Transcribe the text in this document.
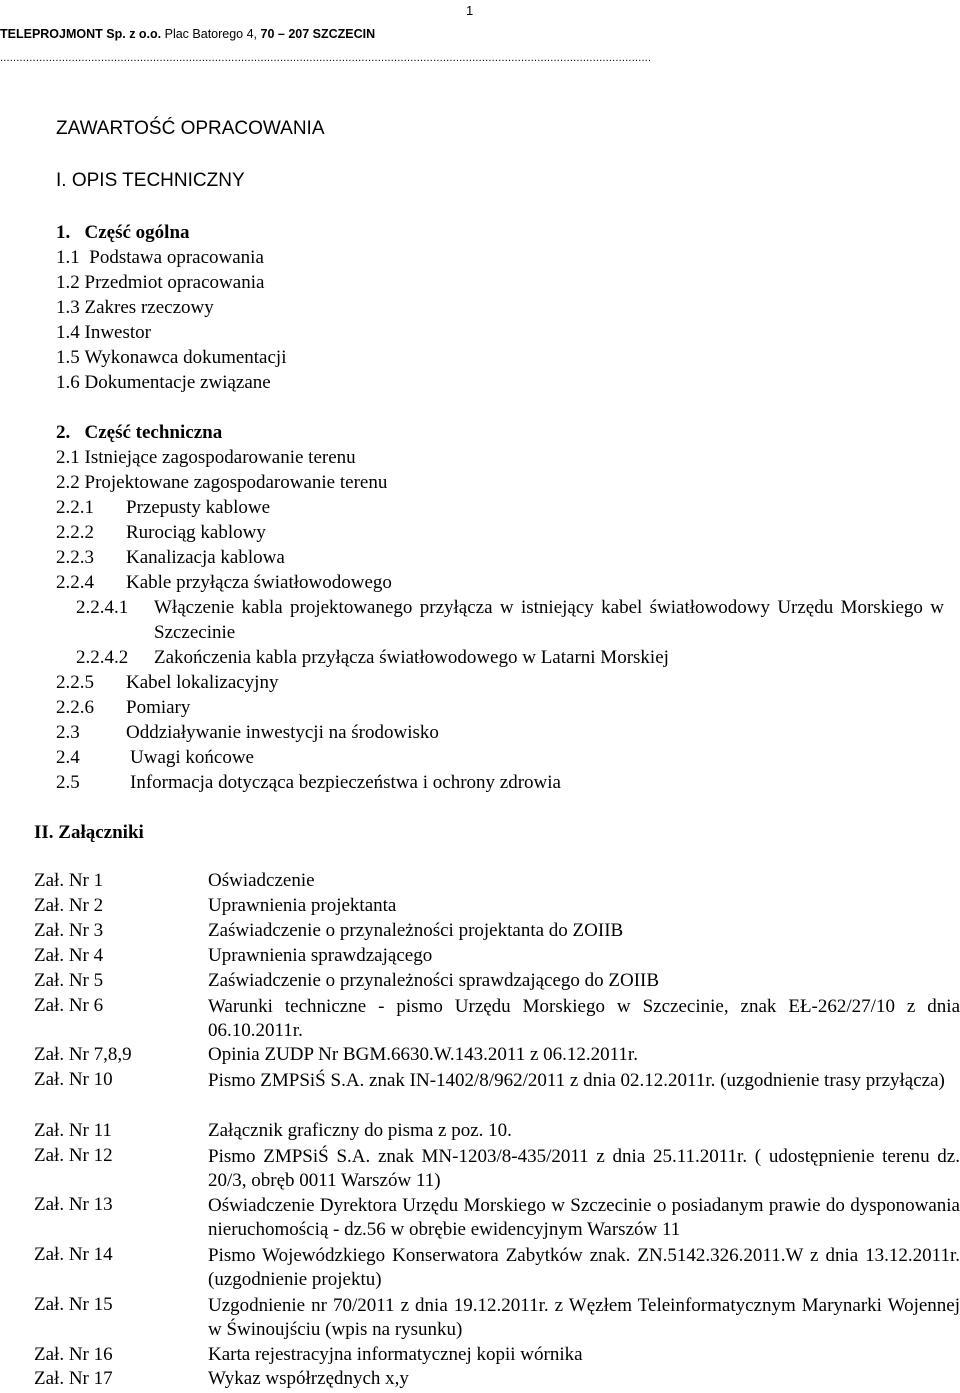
1
TELEPROJMONT Sp. z o.o. Plac Batorego 4, 70 – 207 SZCZECIN
........................................................................................................................................................................................................
ZAWARTOŚĆ OPRACOWANIA
I. OPIS TECHNICZNY
1. Część ogólna
1.1 Podstawa opracowania
1.2 Przedmiot opracowania
1.3 Zakres rzeczowy
1.4 Inwestor
1.5 Wykonawca dokumentacji
1.6 Dokumentacje związane
2. Część techniczna
2.1 Istniejące zagospodarowanie terenu
2.2 Projektowane zagospodarowanie terenu
2.2.1 Przepusty kablowe
2.2.2 Rurociąg kablowy
2.2.3 Kanalizacja kablowa
2.2.4 Kable przyłącza światłowodowego
2.2.4.1 Włączenie kabla projektowanego przyłącza w istniejący kabel światłowodowy Urzędu Morskiego w Szczecinie
2.2.4.2 Zakończenia kabla przyłącza światłowodowego w Latarni Morskiej
2.2.5 Kabel lokalizacyjny
2.2.6 Pomiary
2.3 Oddziaływanie inwestycji na środowisko
2.4	Uwagi końcowe
2.5	Informacja dotycząca bezpieczeństwa i ochrony zdrowia
II. Załączniki
Zał. Nr 1	Oświadczenie
Zał. Nr 2	Uprawnienia projektanta
Zał. Nr 3	Zaświadczenie o przynależności projektanta do ZOIIB
Zał. Nr 4	Uprawnienia sprawdzającego
Zał. Nr 5	Zaświadczenie o przynależności sprawdzającego do ZOIIB
Zał. Nr 6	Warunki techniczne - pismo Urzędu Morskiego w Szczecinie, znak EŁ-262/27/10 z dnia 06.10.2011r.
Zał. Nr 7,8,9	Opinia ZUDP Nr BGM.6630.W.143.2011 z 06.12.2011r.
Zał. Nr 10	Pismo ZMPSiŚ S.A. znak IN-1402/8/962/2011 z dnia 02.12.2011r. (uzgodnienie trasy przyłącza)
Zał. Nr 11	Załącznik graficzny do pisma z poz. 10.
Zał. Nr 12	Pismo ZMPSiŚ S.A. znak MN-1203/8-435/2011 z dnia 25.11.2011r. ( udostępnienie terenu dz. 20/3, obręb 0011 Warszów 11)
Zał. Nr 13	Oświadczenie Dyrektora Urzędu Morskiego w Szczecinie o posiadanym prawie do dysponowania nieruchomością - dz.56 w obrębie ewidencyjnym Warszów 11
Zał. Nr 14	Pismo Wojewódzkiego Konserwatora Zabytków znak. ZN.5142.326.2011.W z dnia 13.12.2011r. (uzgodnienie projektu)
Zał. Nr 15	Uzgodnienie nr 70/2011 z dnia 19.12.2011r. z Węzłem Teleinformatycznym Marynarki Wojennej w Świnoujściu (wpis na rysunku)
Zał. Nr 16	Karta rejestracyjna informatycznej kopii wórnika
Zał. Nr 17	Wykaz współrzędnych x,y
